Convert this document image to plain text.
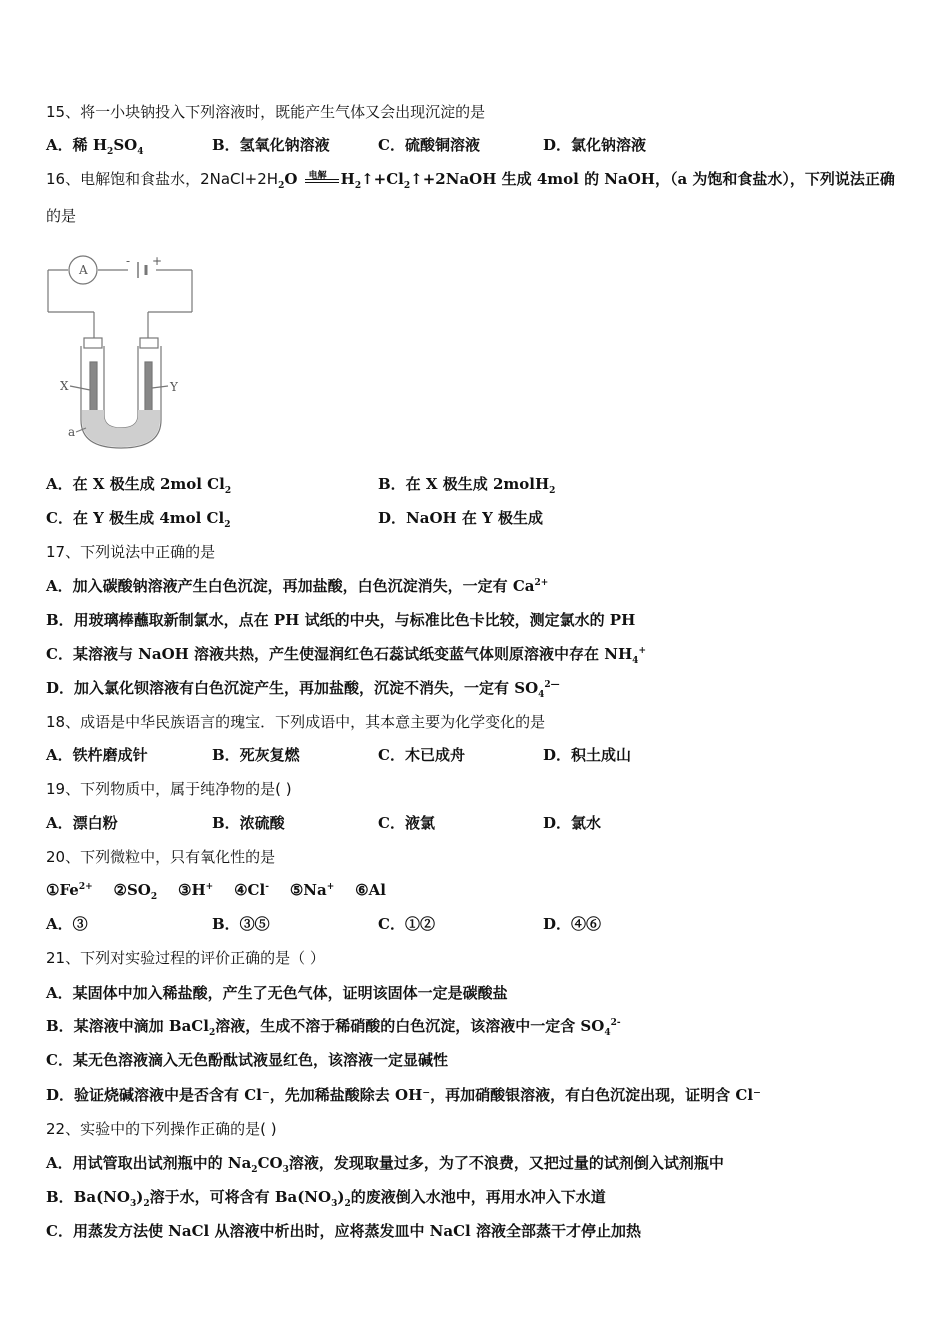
15、将一小块钠投入下列溶液时，既能产生气体又会出现沉淀的是
A．稀 $H_2SO_4$	B．氢氧化钠溶液	C．硫酸铜溶液	D．氯化钠溶液
16、电解饱和食盐水，$2NaCl+2H_2O$ 电解 $H_2↑+Cl_2↑+2NaOH$ 生成 4mol 的 NaOH，（a 为饱和食盐水），下列说法正确
的是
A
- +
X	Y
a
A．在 X 极生成 2mol $Cl_2$	B．在 X 极生成 2molH$_2$
C．在 Y 极生成 4mol $Cl_2$	D．NaOH 在 Y 极生成
17、下列说法中正确的是
A．加入碳酸钠溶液产生白色沉淀，再加盐酸，白色沉淀消失，一定有 $Ca^{2+}$
B．用玻璃棒蘸取新制氯水，点在 PH 试纸的中央，与标准比色卡比较，测定氯水的 PH
C．某溶液与 NaOH 溶液共热，产生使湿润红色石蕊试纸变蓝气体则原溶液中存在 $NH_4^+$
D．加入氯化钡溶液有白色沉淀产生，再加盐酸，沉淀不消失，一定有 $SO_4^{2—}$
18、成语是中华民族语言的瑰宝．下列成语中，其本意主要为化学变化的是
A．铁杵磨成针	B．死灰复燃	C．木已成舟	D．积土成山
19、下列物质中，属于纯净物的是( )
A．漂白粉	B．浓硫酸	C．液氯	D．氯水
20、下列微粒中，只有氧化性的是
$①Fe^{2+}$ $②SO_2$ ③H+ ④Cl- ⑤Na+ ⑥Al
A．③	B．③⑤	C．①②	D．④⑥
21、下列对实验过程的评价正确的是（ ）
A．某固体中加入稀盐酸，产生了无色气体，证明该固体一定是碳酸盐
B．某溶液中滴加 BaCl$_2$溶液，生成不溶于稀硝酸的白色沉淀，该溶液中一定含 $SO_4^{2-}$
C．某无色溶液滴入无色酚酞试液显红色，该溶液一定显碱性
D．验证烧碱溶液中是否含有 Cl⁻，先加稀盐酸除去 OH⁻，再加硝酸银溶液，有白色沉淀出现，证明含 Cl⁻
22、实验中的下列操作正确的是( )
A．用试管取出试剂瓶中的 $Na_2CO_3$溶液，发现取量过多，为了不浪费，又把过量的试剂倒入试剂瓶中
B．$Ba(NO_3)_2$溶于水，可将含有 $Ba(NO_3)_2$的废液倒入水池中，再用水冲入下水道
C．用蒸发方法使 NaCl 从溶液中析出时，应将蒸发皿中 NaCl 溶液全部蒸干才停止加热
